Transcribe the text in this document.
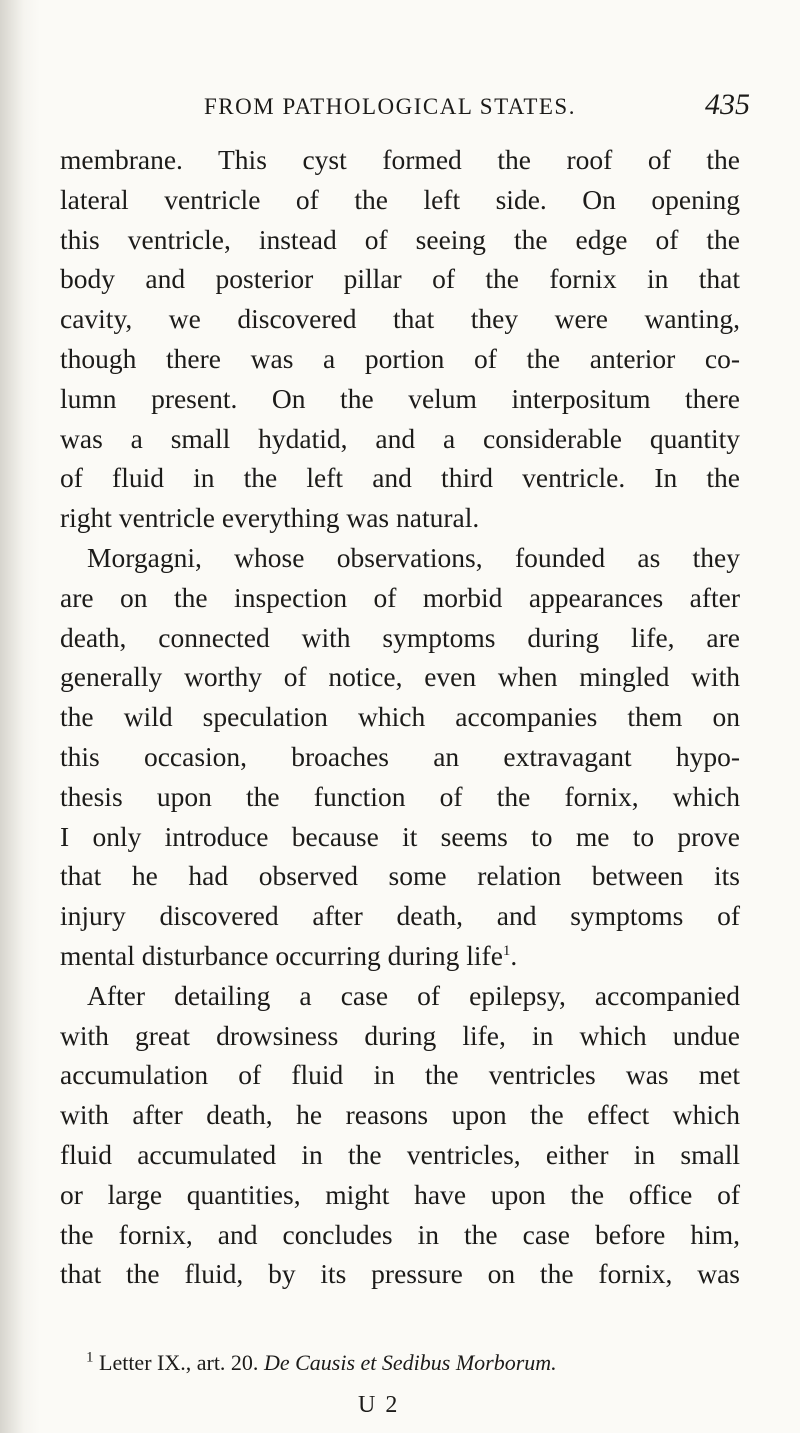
FROM PATHOLOGICAL STATES.	435
membrane. This cyst formed the roof of the
lateral ventricle of the left side. On opening
this ventricle, instead of seeing the edge of the
body and posterior pillar of the fornix in that
cavity, we discovered that they were wanting,
though there was a portion of the anterior co-
lumn present. On the velum interpositum there
was a small hydatid, and a considerable quantity
of fluid in the left and third ventricle. In the
right ventricle everything was natural.
Morgagni, whose observations, founded as they
are on the inspection of morbid appearances after
death, connected with symptoms during life, are
generally worthy of notice, even when mingled with
the wild speculation which accompanies them on
this occasion, broaches an extravagant hypo-
thesis upon the function of the fornix, which
I only introduce because it seems to me to prove
that he had observed some relation between its
injury discovered after death, and symptoms of
mental disturbance occurring during life$^1$.
After detailing a case of epilepsy, accompanied
with great drowsiness during life, in which undue
accumulation of fluid in the ventricles was met
with after death, he reasons upon the effect which
fluid accumulated in the ventricles, either in small
or large quantities, might have upon the office of
the fornix, and concludes in the case before him,
that the fluid, by its pressure on the fornix, was
$^1$ Letter IX., art. 20. De Causis et Sedibus Morborum.
U 2
